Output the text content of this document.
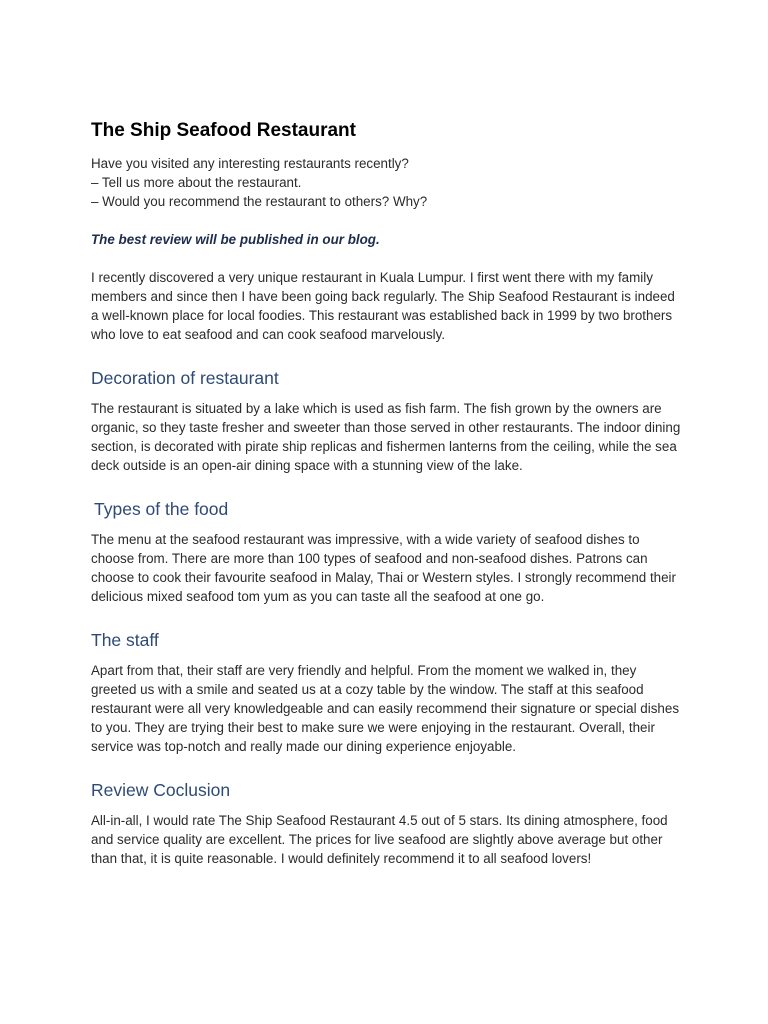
The Ship Seafood Restaurant

Have you visited any interesting restaurants recently?

– Tell us more about the restaurant.

– Would you recommend the restaurant to others? Why?

The best review will be published in our blog.

I recently discovered a very unique restaurant in Kuala Lumpur. I first went there with my family members and since then I have been going back regularly. The Ship Seafood Restaurant is indeed a well-known place for local foodies. This restaurant was established back in 1999 by two brothers who love to eat seafood and can cook seafood marvelously.

Decoration of restaurant

The restaurant is situated by a lake which is used as fish farm. The fish grown by the owners are organic, so they taste fresher and sweeter than those served in other restaurants. The indoor dining section, is decorated with pirate ship replicas and fishermen lanterns from the ceiling, while the sea deck outside is an open-air dining space with a stunning view of the lake.

Types of the food

The menu at the seafood restaurant was impressive, with a wide variety of seafood dishes to choose from. There are more than 100 types of seafood and non-seafood dishes. Patrons can choose to cook their favourite seafood in Malay, Thai or Western styles. I strongly recommend their delicious mixed seafood tom yum as you can taste all the seafood at one go.

The staff

Apart from that, their staff are very friendly and helpful. From the moment we walked in, they greeted us with a smile and seated us at a cozy table by the window. The staff at this seafood restaurant were all very knowledgeable and can easily recommend their signature or special dishes to you. They are trying their best to make sure we were enjoying in the restaurant. Overall, their service was top-notch and really made our dining experience enjoyable.

Review Coclusion

All-in-all, I would rate The Ship Seafood Restaurant 4.5 out of 5 stars. Its dining atmosphere, food and service quality are excellent. The prices for live seafood are slightly above average but other than that, it is quite reasonable. I would definitely recommend it to all seafood lovers!
